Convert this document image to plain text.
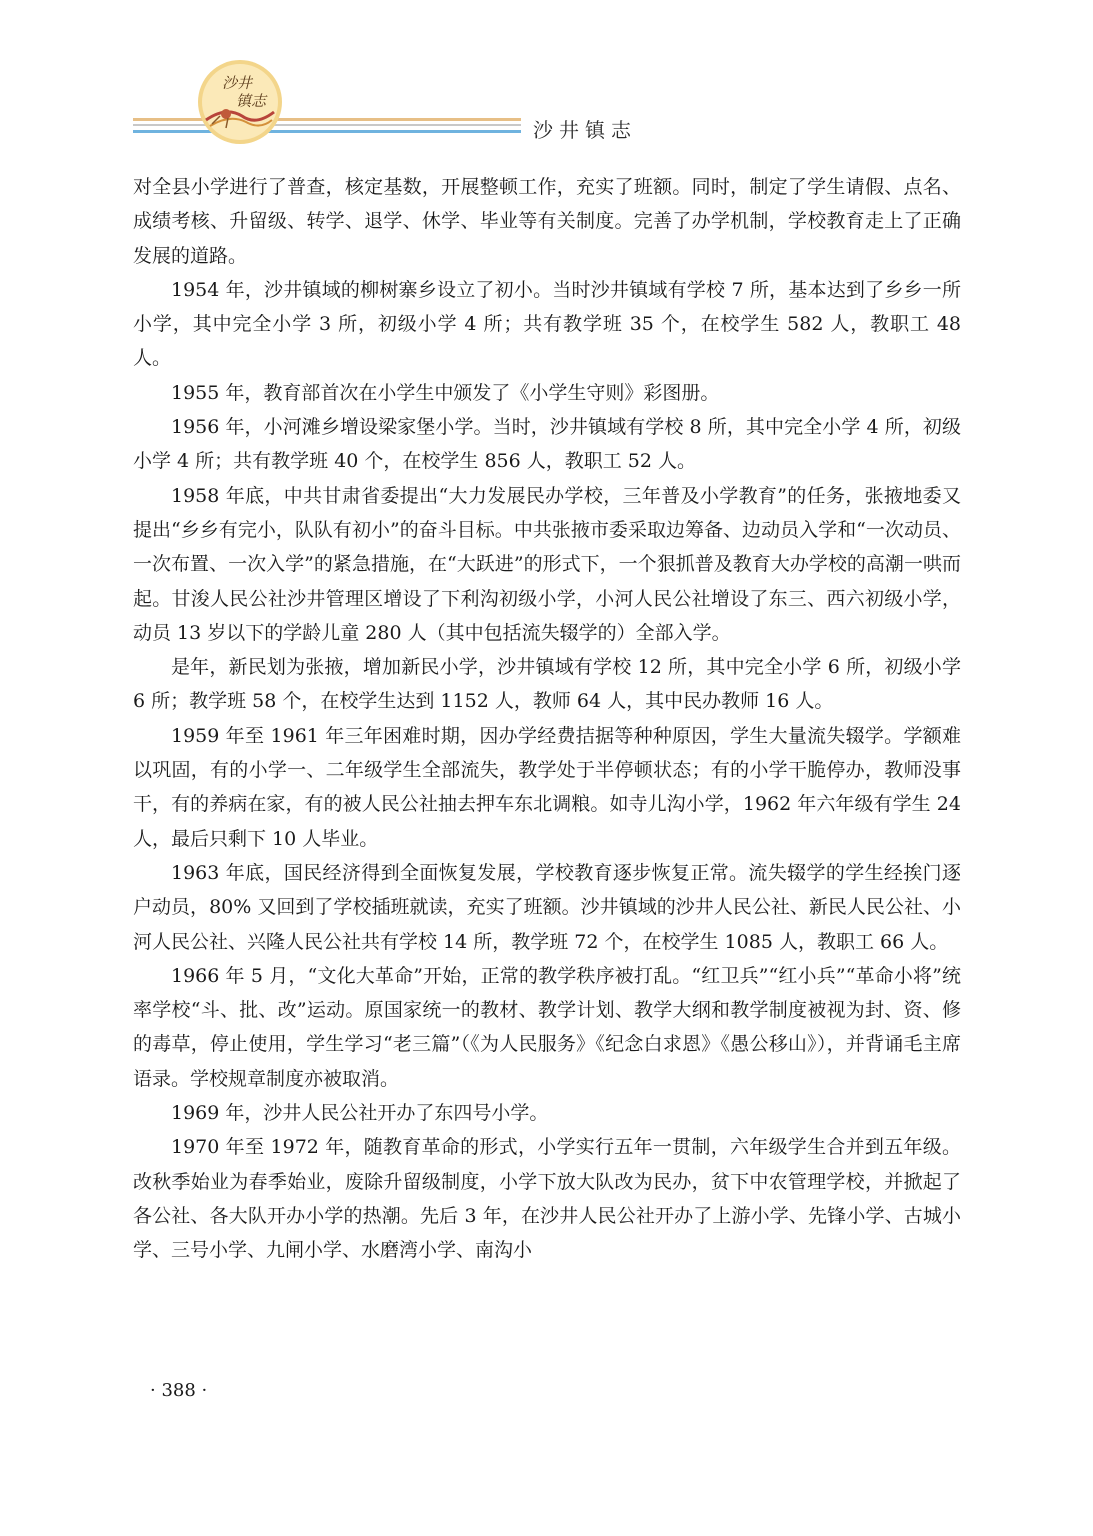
沙井
镇志
沙井镇志

对全县小学进行了普查，核定基数，开展整顿工作，充实了班额。同时，制定了学生请假、点名、成绩考核、升留级、转学、退学、休学、毕业等有关制度。完善了办学机制，学校教育走上了正确发展的道路。

1954 年，沙井镇域的柳树寨乡设立了初小。当时沙井镇域有学校 7 所，基本达到了乡乡一所小学，其中完全小学 3 所，初级小学 4 所；共有教学班 35 个，在校学生 582 人，教职工 48 人。

1955 年，教育部首次在小学生中颁发了《小学生守则》彩图册。

1956 年，小河滩乡增设梁家堡小学。当时，沙井镇域有学校 8 所，其中完全小学 4 所，初级小学 4 所；共有教学班 40 个，在校学生 856 人，教职工 52 人。

1958 年底，中共甘肃省委提出“大力发展民办学校，三年普及小学教育”的任务，张掖地委又提出“乡乡有完小，队队有初小”的奋斗目标。中共张掖市委采取边筹备、边动员入学和“一次动员、一次布置、一次入学”的紧急措施，在“大跃进”的形式下，一个狠抓普及教育大办学校的高潮一哄而起。甘浚人民公社沙井管理区增设了下利沟初级小学，小河人民公社增设了东三、西六初级小学，动员 13 岁以下的学龄儿童 280 人（其中包括流失辍学的）全部入学。

是年，新民划为张掖，增加新民小学，沙井镇域有学校 12 所，其中完全小学 6 所，初级小学 6 所；教学班 58 个，在校学生达到 1152 人，教师 64 人，其中民办教师 16 人。

1959 年至 1961 年三年困难时期，因办学经费拮据等种种原因，学生大量流失辍学。学额难以巩固，有的小学一、二年级学生全部流失，教学处于半停顿状态；有的小学干脆停办，教师没事干，有的养病在家，有的被人民公社抽去押车东北调粮。如寺儿沟小学，1962 年六年级有学生 24 人，最后只剩下 10 人毕业。

1963 年底，国民经济得到全面恢复发展，学校教育逐步恢复正常。流失辍学的学生经挨门逐户动员，80% 又回到了学校插班就读，充实了班额。沙井镇域的沙井人民公社、新民人民公社、小河人民公社、兴隆人民公社共有学校 14 所，教学班 72 个，在校学生 1085 人，教职工 66 人。

1966 年 5 月，“文化大革命”开始，正常的教学秩序被打乱。“红卫兵”“红小兵”“革命小将”统率学校“斗、批、改”运动。原国家统一的教材、教学计划、教学大纲和教学制度被视为封、资、修的毒草，停止使用，学生学习“老三篇”（《为人民服务》《纪念白求恩》《愚公移山》），并背诵毛主席语录。学校规章制度亦被取消。

1969 年，沙井人民公社开办了东四号小学。

1970 年至 1972 年，随教育革命的形式，小学实行五年一贯制，六年级学生合并到五年级。改秋季始业为春季始业，废除升留级制度，小学下放大队改为民办，贫下中农管理学校，并掀起了各公社、各大队开办小学的热潮。先后 3 年，在沙井人民公社开办了上游小学、先锋小学、古城小学、三号小学、九闸小学、水磨湾小学、南沟小

· 388 ·
